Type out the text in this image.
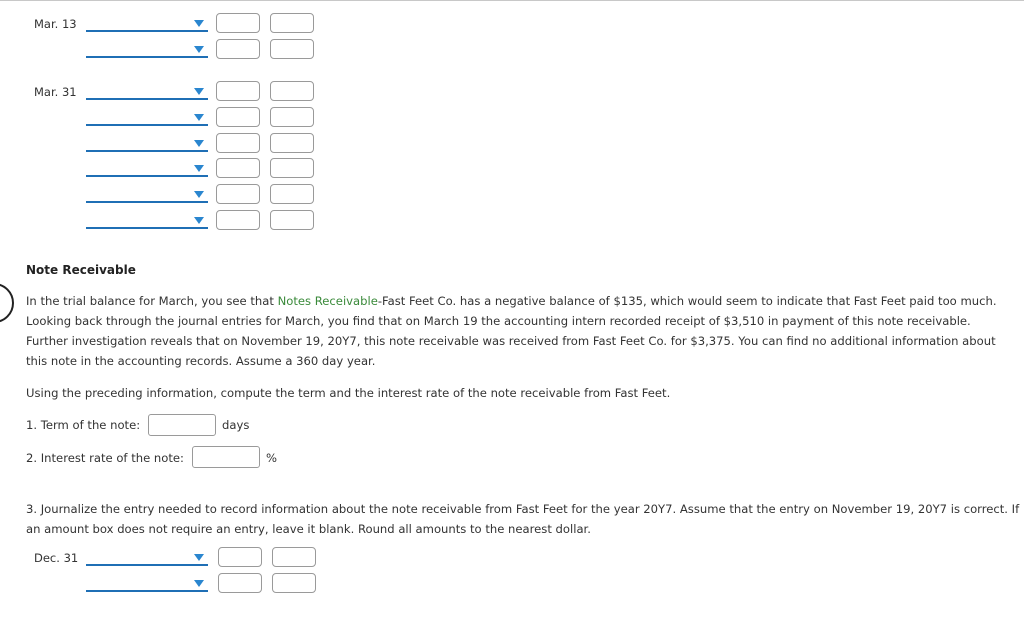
Mar. 13
Mar. 31
Note Receivable
In the trial balance for March, you see that Notes Receivable-Fast Feet Co. has a negative balance of $135, which would seem to indicate that Fast Feet paid too much. Looking back through the journal entries for March, you find that on March 19 the accounting intern recorded receipt of $3,510 in payment of this note receivable. Further investigation reveals that on November 19, 20Y7, this note receivable was received from Fast Feet Co. for $3,375. You can find no additional information about this note in the accounting records. Assume a 360 day year.
Using the preceding information, compute the term and the interest rate of the note receivable from Fast Feet.
1. Term of the note:	days
2. Interest rate of the note:	%
3. Journalize the entry needed to record information about the note receivable from Fast Feet for the year 20Y7. Assume that the entry on November 19, 20Y7 is correct. If an amount box does not require an entry, leave it blank. Round all amounts to the nearest dollar.
Dec. 31
